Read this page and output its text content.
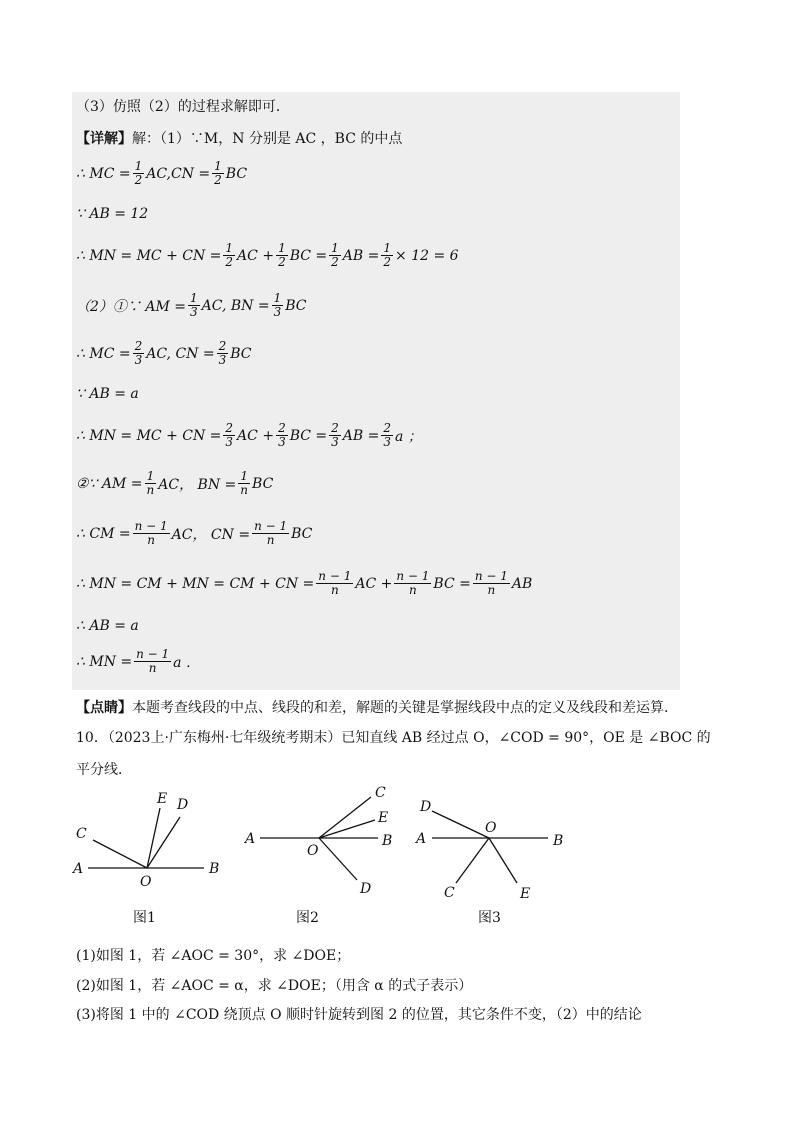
（3）仿照（2）的过程求解即可．
【详解】 解：（1）∵M，N 分别是 AC ，BC 的中点
∴ MC = $\frac{1}{2} AC,CN = \frac{1}{2}$ BC
∵ AB = 12
∴ MN = MC + CN = $\frac{1}{2}$ AC + $\frac{1}{2}$ BC = $\frac{1}{2}$ AB = $\frac{1}{2} \times 12 = 6$
（2）①∵ AM = $\frac{1}{3}$ AC, BN = $\frac{1}{3}$ BC
∴ MC = $\frac{2}{3}$ AC, CN = $\frac{2}{3}$ BC
∵ AB = a
∴ MN = MC + CN = $\frac{2}{3}$ AC + $\frac{2}{3}$ BC = $\frac{2}{3}$ AB = $\frac{2}{3}$ a ；
②∵ AM = $\frac{1}{n}$ AC， BN = $\frac{1}{n}$ BC
∴ CM = $\frac{n - 1}{n}$ AC， CN = $\frac{n - 1}{n}$ BC
∴ MN = CM + MN = CM + CN = $\frac{n - 1}{n}$ AC + $\frac{n - 1}{n}$ BC = $\frac{n - 1}{n}$ AB
∴ AB = a
∴ MN = $\frac{n - 1}{n}$ a ．
【点睛】 本题考查线段的中点、线段的和差，解题的关键是掌握线段中点的定义及线段和差运算．
10．（2023上·广东梅州·七年级统考期末）已知直线 AB 经过点 O，∠COD = 90°，OE 是 ∠BOC 的
平分线．
A	B
C
D
E
O
A	B
C
D
E
O
A	B
C
D
E
O
图1	图2	图3
(1)如图 1，若 ∠AOC = 30°，求 ∠DOE；
(2)如图 1，若 ∠AOC = α，求 ∠DOE；（用含 α 的式子表示）
(3)将图 1 中的 ∠COD 绕顶点 O 顺时针旋转到图 2 的位置，其它条件不变，（2）中的结论
